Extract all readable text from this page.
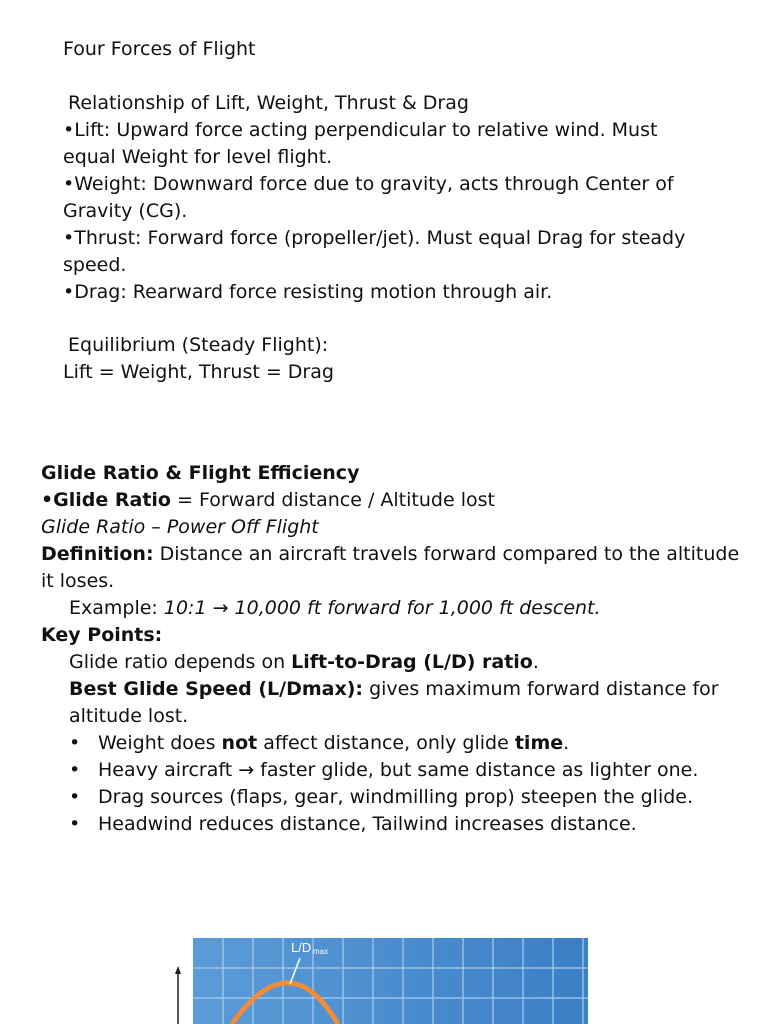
Four Forces of Flight
Relationship of Lift, Weight, Thrust & Drag
•Lift: Upward force acting perpendicular to relative wind. Must
equal Weight for level flight.
•Weight: Downward force due to gravity, acts through Center of
Gravity (CG).
•Thrust: Forward force (propeller/jet). Must equal Drag for steady
speed.
•Drag: Rearward force resisting motion through air.
Equilibrium (Steady Flight):
Lift = Weight, Thrust = Drag
Glide Ratio & Flight Efficiency
•Glide Ratio = Forward distance / Altitude lost
Glide Ratio – Power Off Flight
Definition: Distance an aircraft travels forward compared to the altitude
it loses.
Example: 10:1 → 10,000 ft forward for 1,000 ft descent.
Key Points:
Glide ratio depends on Lift-to-Drag (L/D) ratio.
Best Glide Speed (L/Dmax): gives maximum forward distance for
altitude lost.
• Weight does not affect distance, only glide time.
• Heavy aircraft → faster glide, but same distance as lighter one.
• Drag sources (flaps, gear, windmilling prop) steepen the glide.
• Headwind reduces distance, Tailwind increases distance.
L/D max
